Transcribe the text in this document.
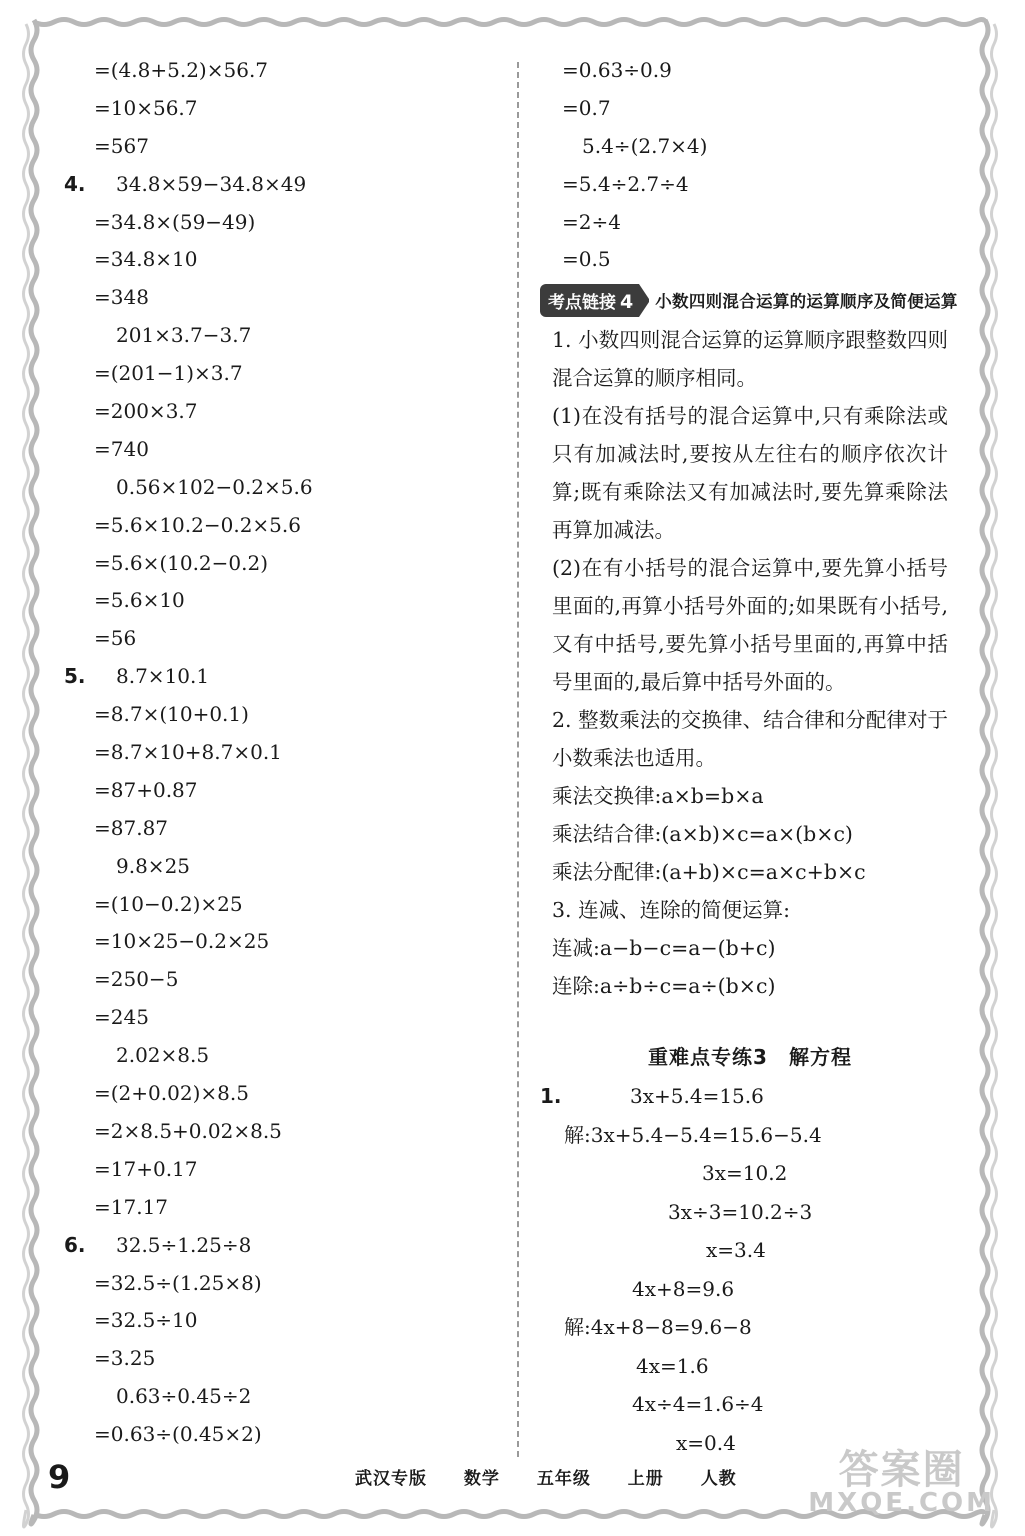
=(4.8+5.2)×56.7
=10×56.7
=567
4. 34.8×59−34.8×49
=34.8×(59−49)
=34.8×10
=348
201×3.7−3.7
=(201−1)×3.7
=200×3.7
=740
0.56×102−0.2×5.6
=5.6×10.2−0.2×5.6
=5.6×(10.2−0.2)
=5.6×10
=56
5. 8.7×10.1
=8.7×(10+0.1)
=8.7×10+8.7×0.1
=87+0.87
=87.87
9.8×25
=(10−0.2)×25
=10×25−0.2×25
=250−5
=245
2.02×8.5
=(2+0.02)×8.5
=2×8.5+0.02×8.5
=17+0.17
=17.17
6. 32.5÷1.25÷8
=32.5÷(1.25×8)
=32.5÷10
=3.25
0.63÷0.45÷2
=0.63÷(0.45×2)
=0.63÷0.9
=0.7
5.4÷(2.7×4)
=5.4÷2.7÷4
=2÷4
=0.5
考点链接 4	小数四则混合运算的运算顺序及简便运算

1. 小数四则混合运算的运算顺序跟整数四则混合运算的顺序相同。

(1)在没有括号的混合运算中,只有乘除法或只有加减法时,要按从左往右的顺序依次计算;既有乘除法又有加减法时,要先算乘除法再算加减法。

(2)在有小括号的混合运算中,要先算小括号里面的,再算小括号外面的;如果既有小括号,又有中括号,要先算小括号里面的,再算中括号里面的,最后算中括号外面的。

2. 整数乘法的交换律、结合律和分配律对于小数乘法也适用。

乘法交换律:a×b=b×a

乘法结合律:(a×b)×c=a×(b×c)

乘法分配律:(a+b)×c=a×c+b×c

3. 连减、连除的简便运算:

连减:a−b−c=a−(b+c)

连除:a÷b÷c=a÷(b×c)

重难点专练3　解方程
1.	3x+5.4=15.6
解:3x+5.4−5.4=15.6−5.4
3x=10.2
3x÷3=10.2÷3
x=3.4
4x+8=9.6
解:4x+8−8=9.6−8
4x=1.6
4x÷4=1.6÷4
x=0.4
9	武汉专版 数学 五年级 上册 人教	答案圈
MXQE.COM
